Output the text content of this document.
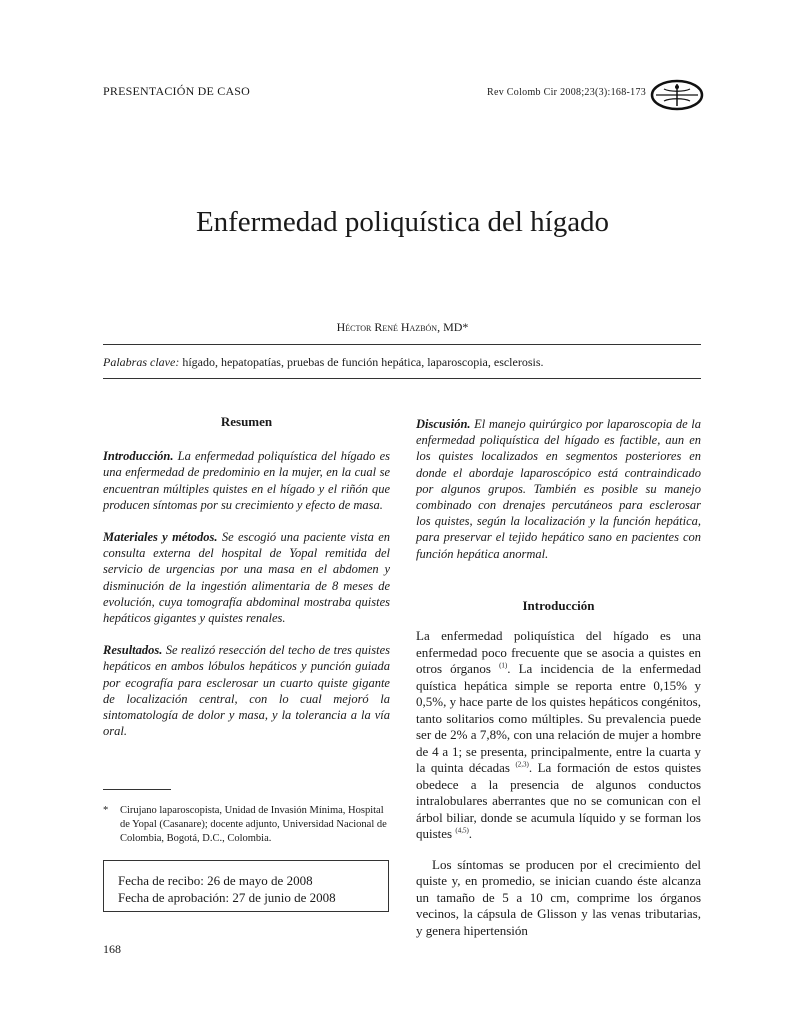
PRESENTACIÓN DE CASO	Rev Colomb Cir 2008;23(3):168-173
Enfermedad poliquística del hígado
Héctor René Hazbón, MD*
Palabras clave: hígado, hepatopatías, pruebas de función hepática, laparoscopia, esclerosis.

Resumen

Introducción. La enfermedad poliquística del hígado es una enfermedad de predominio en la mujer, en la cual se encuentran múltiples quistes en el hígado y el riñón que producen síntomas por su crecimiento y efecto de masa.

Materiales y métodos. Se escogió una paciente vista en consulta externa del hospital de Yopal remitida del servicio de urgencias por una masa en el abdomen y disminución de la ingestión alimentaria de 8 meses de evolución, cuya tomografía abdominal mostraba quistes hepáticos gigantes y quistes renales.

Resultados. Se realizó resección del techo de tres quistes hepáticos en ambos lóbulos hepáticos y punción guiada por ecografía para esclerosar un cuarto quiste gigante de localización central, con lo cual mejoró la sintomatología de dolor y masa, y la tolerancia a la vía oral.

* Cirujano laparoscopista, Unidad de Invasión Mínima, Hospital de Yopal (Casanare); docente adjunto, Universidad Nacional de Colombia, Bogotá, D.C., Colombia.
Fecha de recibo: 26 de mayo de 2008
Fecha de aprobación: 27 de junio de 2008

Discusión. El manejo quirúrgico por laparoscopia de la enfermedad poliquística del hígado es factible, aun en los quistes localizados en segmentos posteriores en donde el abordaje laparoscópico está contraindicado por algunos grupos. También es posible su manejo combinado con drenajes percutáneos para esclerosar los quistes, según la localización y la función hepática, para preservar el tejido hepático sano en pacientes con función hepática anormal.

Introducción

La enfermedad poliquística del hígado es una enfermedad poco frecuente que se asocia a quistes en otros órganos $^{(1)}$. La incidencia de la enfermedad quística hepática simple se reporta entre 0,15% y 0,5%, y hace parte de los quistes hepáticos congénitos, tanto solitarios como múltiples. Su prevalencia puede ser de 2% a 7,8%, con una relación de mujer a hombre de 4 a 1; se presenta, principalmente, entre la cuarta y la quinta décadas $^{(2,3)}$. La formación de estos quistes obedece a la presencia de algunos conductos intralobulares aberrantes que no se comunican con el árbol biliar, donde se acumula líquido y se forman los quistes $^{(4,5)}$.

Los síntomas se producen por el crecimiento del quiste y, en promedio, se inician cuando éste alcanza un tamaño de 5 a 10 cm, comprime los órganos vecinos, la cápsula de Glisson y las venas tributarias, y genera hipertensión

168
